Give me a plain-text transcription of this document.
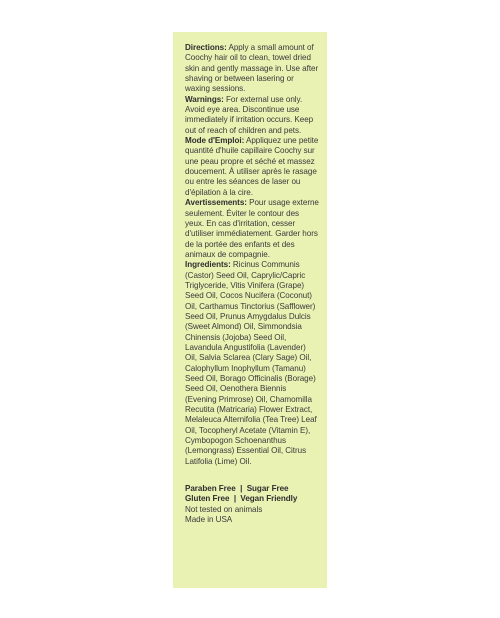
Directions: Apply a small amount of Coochy hair oil to clean, towel dried skin and gently massage in. Use after shaving or between lasering or waxing sessions.

Warnings: For external use only. Avoid eye area. Discontinue use immediately if irritation occurs. Keep out of reach of children and pets.

Mode d'Emploi: Appliquez une petite quantité d'huile capillaire Coochy sur une peau propre et séché et massez doucement. À utiliser après le rasage ou entre les séances de laser ou d'épilation à la cire.

Avertissements: Pour usage externe seulement. Éviter le contour des yeux. En cas d'irritation, cesser d'utiliser immédiatement. Garder hors de la portée des enfants et des animaux de compagnie.

Ingredients: Ricinus Communis (Castor) Seed Oil, Caprylic/Capric Triglyceride, Vitis Vinifera (Grape) Seed Oil, Cocos Nucifera (Coconut) Oil, Carthamus Tinctorius (Safflower) Seed Oil, Prunus Amygdalus Dulcis (Sweet Almond) Oil, Simmondsia Chinensis (Jojoba) Seed Oil, Lavandula Angustifolia (Lavender) Oil, Salvia Sclarea (Clary Sage) Oil, Calophyllum Inophyllum (Tamanu) Seed Oil, Borago Officinalis (Borage) Seed Oil, Oenothera Biennis (Evening Primrose) Oil, Chamomilla Recutita (Matricaria) Flower Extract, Melaleuca Alternifolia (Tea Tree) Leaf Oil, Tocopheryl Acetate (Vitamin E), Cymbopogon Schoenanthus (Lemongrass) Essential Oil, Citrus Latifolia (Lime) Oil.

Paraben Free  |  Sugar Free
Gluten Free  |  Vegan Friendly
Not tested on animals
Made in USA
